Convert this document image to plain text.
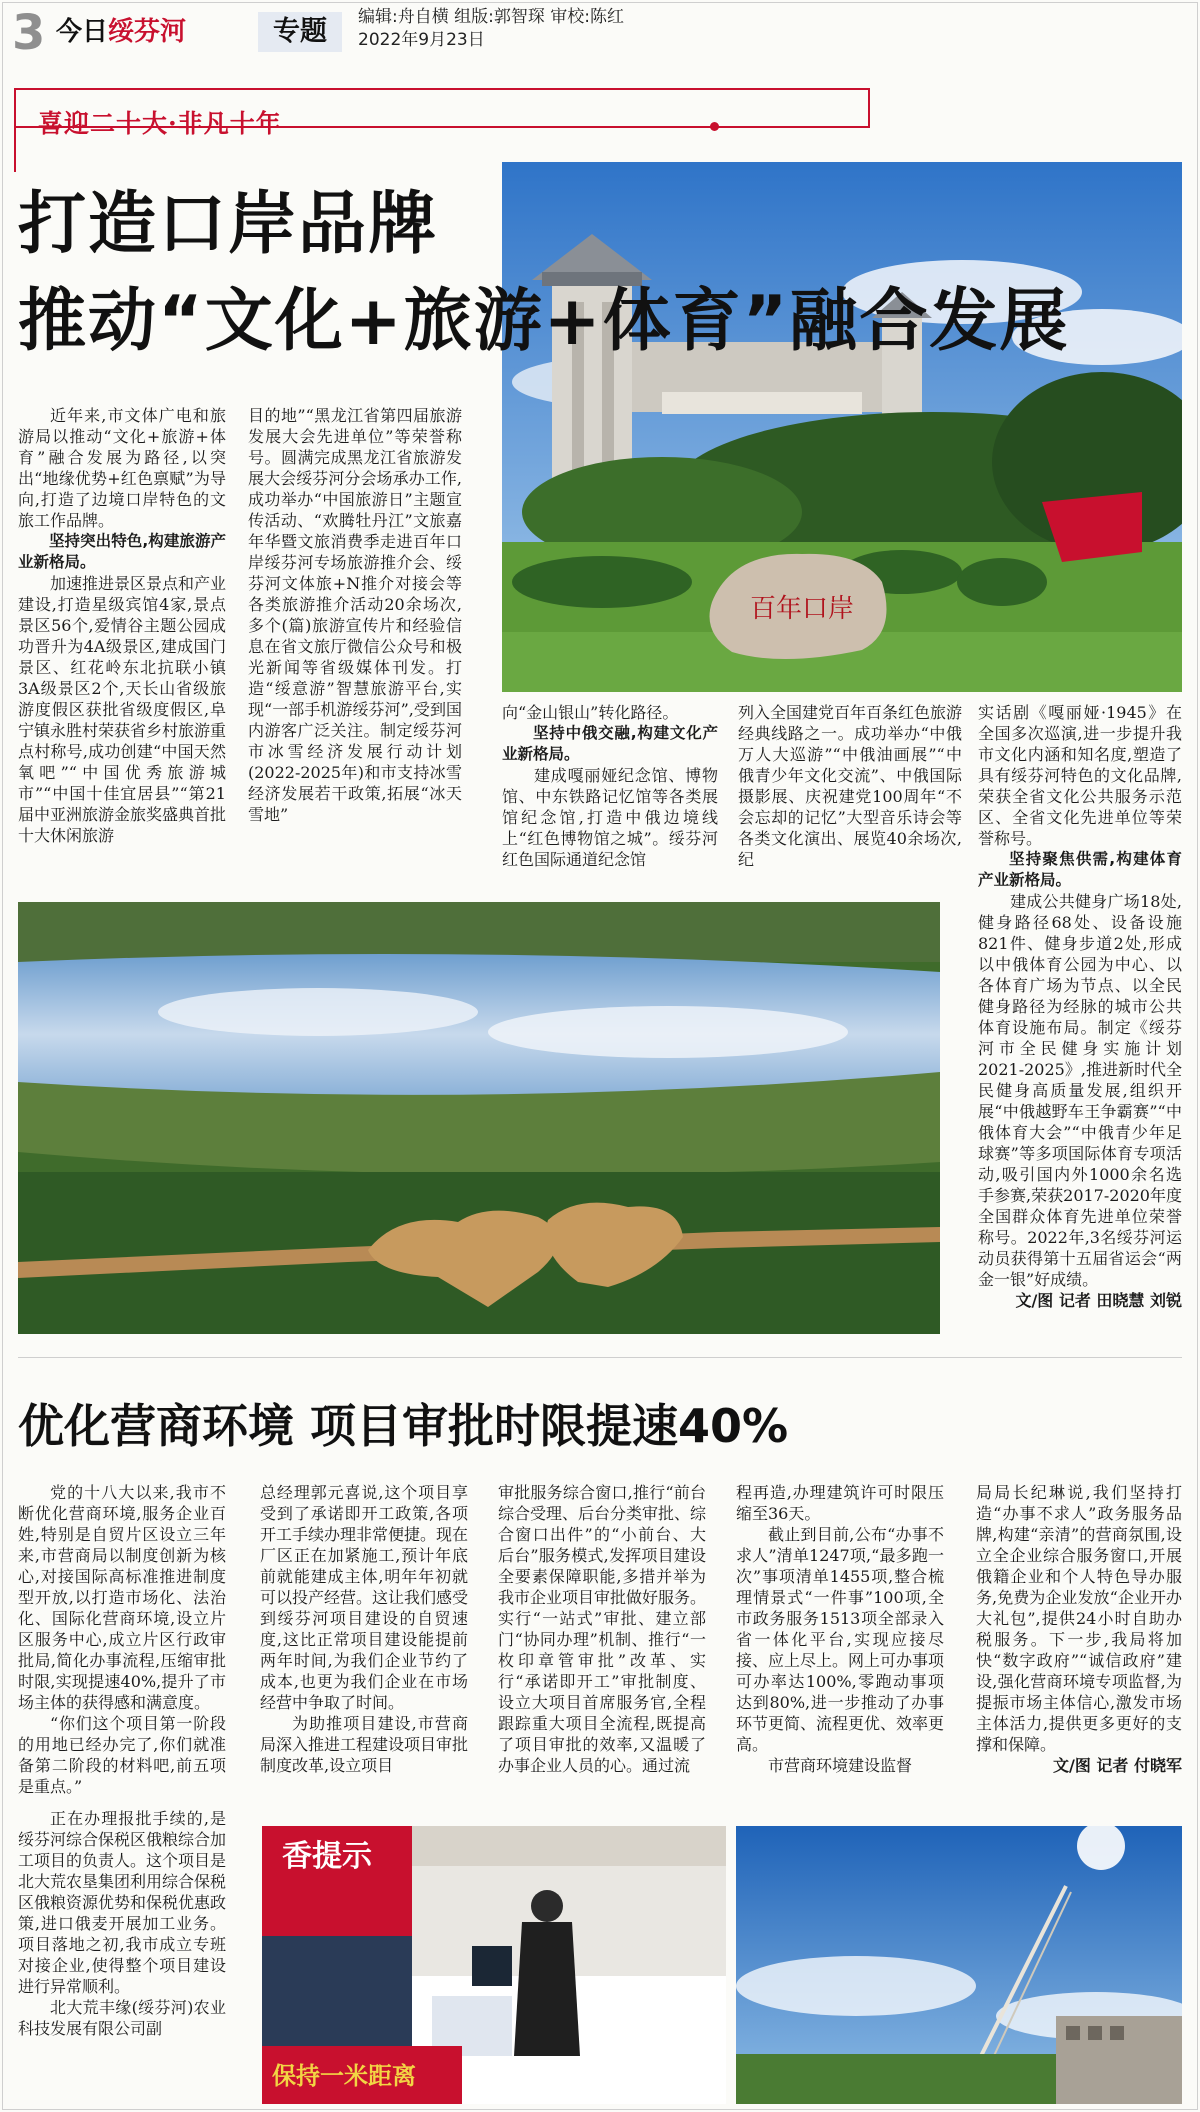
3 今日绥芬河	专题	编辑:舟自横 组版:郭智琛 审校:陈红
2022年9月23日
喜迎二十大·非凡十年
百年口岸
打造口岸品牌
推动“文化+旅游+体育”融合发展

近年来,市文体广电和旅游局以推动“文化+旅游+体育”融合发展为路径,以突出“地缘优势+红色禀赋”为导向,打造了边境口岸特色的文旅工作品牌。

坚持突出特色,构建旅游产业新格局。

加速推进景区景点和产业建设,打造星级宾馆4家,景点景区56个,爱情谷主题公园成功晋升为4A级景区,建成国门景区、红花岭东北抗联小镇3A级景区2个,天长山省级旅游度假区获批省级度假区,阜宁镇永胜村荣获省乡村旅游重点村称号,成功创建“中国天然氧吧”“中国优秀旅游城市”“中国十佳宜居县”“第21届中亚洲旅游金旅奖盛典首批十大休闲旅游

目的地”“黑龙江省第四届旅游发展大会先进单位”等荣誉称号。圆满完成黑龙江省旅游发展大会绥芬河分会场承办工作,成功举办“中国旅游日”主题宣传活动、“欢腾牡丹江”文旅嘉年华暨文旅消费季走进百年口岸绥芬河专场旅游推介会、绥芬河文体旅+N推介对接会等各类旅游推介活动20余场次,多个(篇)旅游宣传片和经验信息在省文旅厅微信公众号和极光新闻等省级媒体刊发。打造“绥意游”智慧旅游平台,实现“一部手机游绥芬河”,受到国内游客广泛关注。制定绥芬河市冰雪经济发展行动计划(2022-2025年)和市支持冰雪经济发展若干政策,拓展“冰天雪地”

向“金山银山”转化路径。

坚持中俄交融,构建文化产业新格局。

建成嘎丽娅纪念馆、博物馆、中东铁路记忆馆等各类展馆纪念馆,打造中俄边境线上“红色博物馆之城”。绥芬河红色国际通道纪念馆

列入全国建党百年百条红色旅游经典线路之一。成功举办“中俄万人大巡游”“中俄油画展”“中俄青少年文化交流”、中俄国际摄影展、庆祝建党100周年“不会忘却的记忆”大型音乐诗会等各类文化演出、展览40余场次,纪

实话剧《嘎丽娅·1945》在全国多次巡演,进一步提升我市文化内涵和知名度,塑造了具有绥芬河特色的文化品牌,荣获全省文化公共服务示范区、全省文化先进单位等荣誉称号。

坚持聚焦供需,构建体育产业新格局。

建成公共健身广场18处,健身路径68处、设备设施821件、健身步道2处,形成以中俄体育公园为中心、以各体育广场为节点、以全民健身路径为经脉的城市公共体育设施布局。制定《绥芬河市全民健身实施计划2021-2025》,推进新时代全民健身高质量发展,组织开展“中俄越野车王争霸赛”“中俄体育大会”“中俄青少年足球赛”等多项国际体育专项活动,吸引国内外1000余名选手参赛,荣获2017-2020年度全国群众体育先进单位荣誉称号。2022年,3名绥芬河运动员获得第十五届省运会“两金一银”好成绩。

文/图 记者 田晓慧 刘锐

优化营商环境 项目审批时限提速40%

党的十八大以来,我市不断优化营商环境,服务企业百姓,特别是自贸片区设立三年来,市营商局以制度创新为核心,对接国际高标准推进制度型开放,以打造市场化、法治化、国际化营商环境,设立片区服务中心,成立片区行政审批局,简化办事流程,压缩审批时限,实现提速40%,提升了市场主体的获得感和满意度。

“你们这个项目第一阶段的用地已经办完了,你们就准备第二阶段的材料吧,前五项是重点。”

正在办理报批手续的,是绥芬河综合保税区俄粮综合加工项目的负责人。这个项目是北大荒农垦集团利用综合保税区俄粮资源优势和保税优惠政策,进口俄麦开展加工业务。项目落地之初,我市成立专班对接企业,使得整个项目建设进行异常顺利。

北大荒丰缘(绥芬河)农业科技发展有限公司副

总经理郭元喜说,这个项目享受到了承诺即开工政策,各项开工手续办理非常便捷。现在厂区正在加紧施工,预计年底前就能建成主体,明年年初就可以投产经营。这让我们感受到绥芬河项目建设的自贸速度,这比正常项目建设能提前两年时间,为我们企业节约了成本,也更为我们企业在市场经营中争取了时间。

为助推项目建设,市营商局深入推进工程建设项目审批制度改革,设立项目

审批服务综合窗口,推行“前台综合受理、后台分类审批、综合窗口出件”的“小前台、大后台”服务模式,发挥项目建设全要素保障职能,多措并举为我市企业项目审批做好服务。实行“一站式”审批、建立部门“协同办理”机制、推行“一枚印章管审批”改革、实行“承诺即开工”审批制度、设立大项目首席服务官,全程跟踪重大项目全流程,既提高了项目审批的效率,又温暖了办事企业人员的心。通过流

程再造,办理建筑许可时限压缩至36天。

截止到目前,公布“办事不求人”清单1247项,“最多跑一次”事项清单1455项,整合梳理情景式“一件事”100项,全市政务服务1513项全部录入省一体化平台,实现应接尽接、应上尽上。网上可办事项可办率达100%,零跑动事项达到80%,进一步推动了办事环节更简、流程更优、效率更高。

市营商环境建设监督

局局长纪琳说,我们坚持打造“办事不求人”政务服务品牌,构建“亲清”的营商氛围,设立全企业综合服务窗口,开展俄籍企业和个人特色导办服务,免费为企业发放“企业开办大礼包”,提供24小时自助办税服务。下一步,我局将加快“数字政府”“诚信政府”建设,强化营商环境专项监督,为提振市场主体信心,激发市场主体活力,提供更多更好的支撑和保障。

文/图 记者 付晓军

香提示
保持一米距离
